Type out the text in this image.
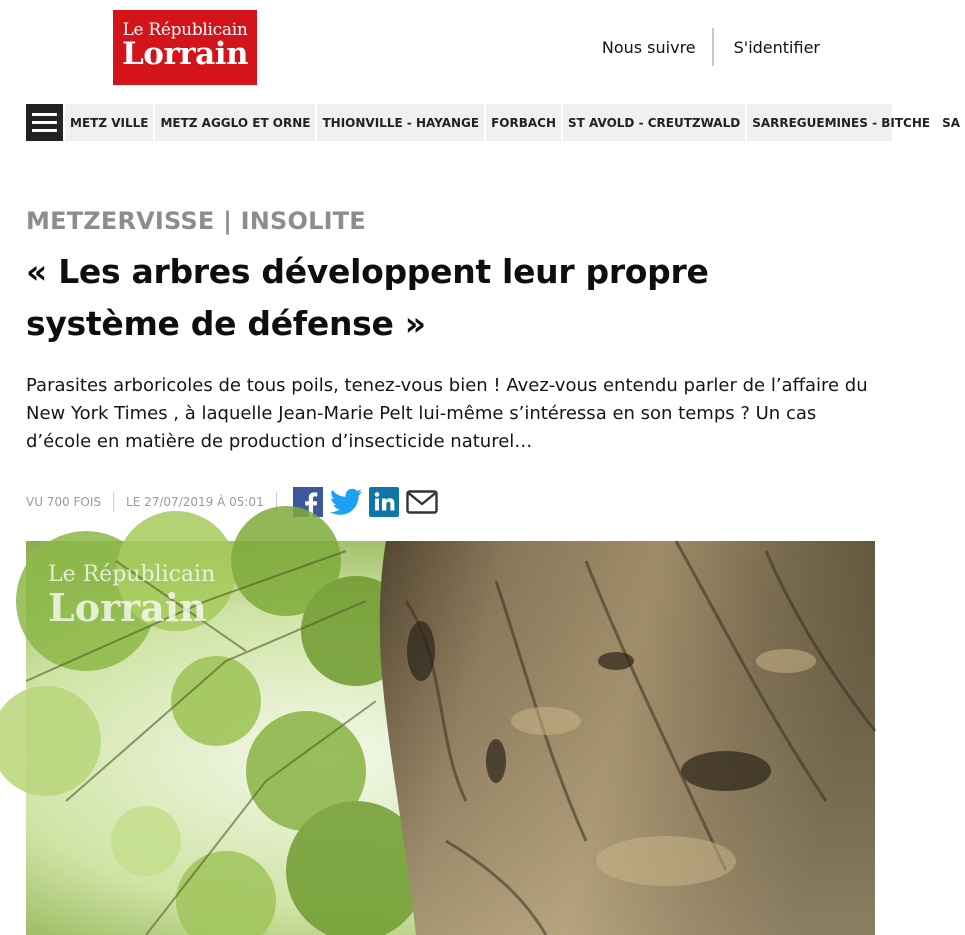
Le Républicain
Lorrain	Nous suivre	S'identifier
METZ VILLE	METZ AGGLO ET ORNE	THIONVILLE - HAYANGE	FORBACH	ST AVOLD - CREUTZWALD	SARREGUEMINES - BITCHE	SA
METZERVISSE | INSOLITE
« Les arbres développent leur propre système de défense »

Parasites arboricoles de tous poils, tenez-vous bien ! Avez-vous entendu parler de l’affaire du New York Times , à laquelle Jean-Marie Pelt lui-même s’intéressa en son temps ? Un cas d’école en matière de production d’insecticide naturel…

VU 700 FOIS LE 27/07/2019 À 05:01
Le Républicain
Lorrain
